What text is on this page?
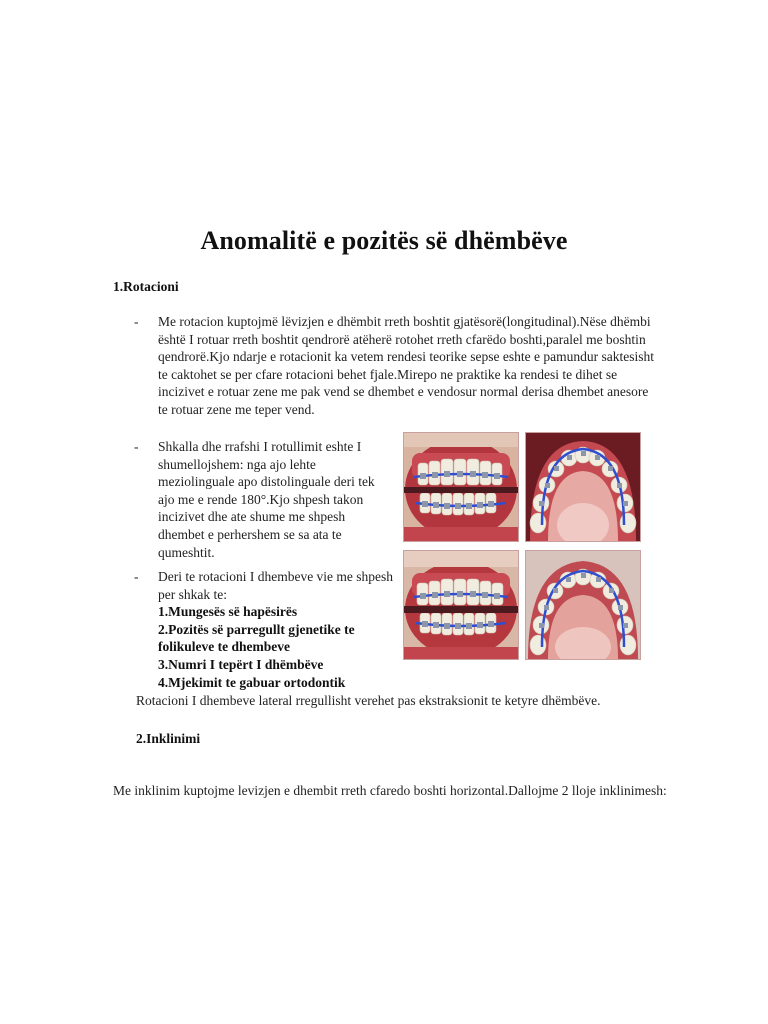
Anomalitë e pozitës së dhëmbëve
1.Rotacioni
- Me rotacion kuptojmë lëvizjen e dhëmbit rreth boshtit gjatësorë(longitudinal).Nëse dhëmbi është I rotuar rreth boshtit qendrorë atëherë rotohet rreth cfarëdo boshti,paralel me boshtin qendrorë.Kjo ndarje e rotacionit ka vetem rendesi teorike sepse eshte e pamundur saktesisht te caktohet se per cfare rotacioni behet fjale.Mirepo ne praktike ka rendesi te dihet se incizivet e rotuar zene me pak vend se dhembet e vendosur normal derisa dhembet anesore te rotuar zene me teper vend.
- Shkalla dhe rrafshi I rotullimit eshte I shumellojshem: nga ajo lehte meziolinguale apo distolinguale deri tek ajo me e rende 180°.Kjo shpesh takon incizivet dhe ate shume me shpesh dhembet e perhershem se sa ata te qumeshtit.
- Deri te rotacioni I dhembeve vie me shpesh per shkak te:
1.Mungesës së hapësirës
2.Pozitës së parregullt gjenetike te folikuleve te dhembeve
3.Numri I tepërt I dhëmbëve
4.Mjekimit te gabuar ortodontik
Rotacioni I dhembeve lateral rregullisht verehet pas ekstraksionit te ketyre dhëmbëve.
2.Inklinimi
Me inklinim kuptojme levizjen e dhembit rreth cfaredo boshti horizontal.Dallojme 2 lloje inklinimesh:
